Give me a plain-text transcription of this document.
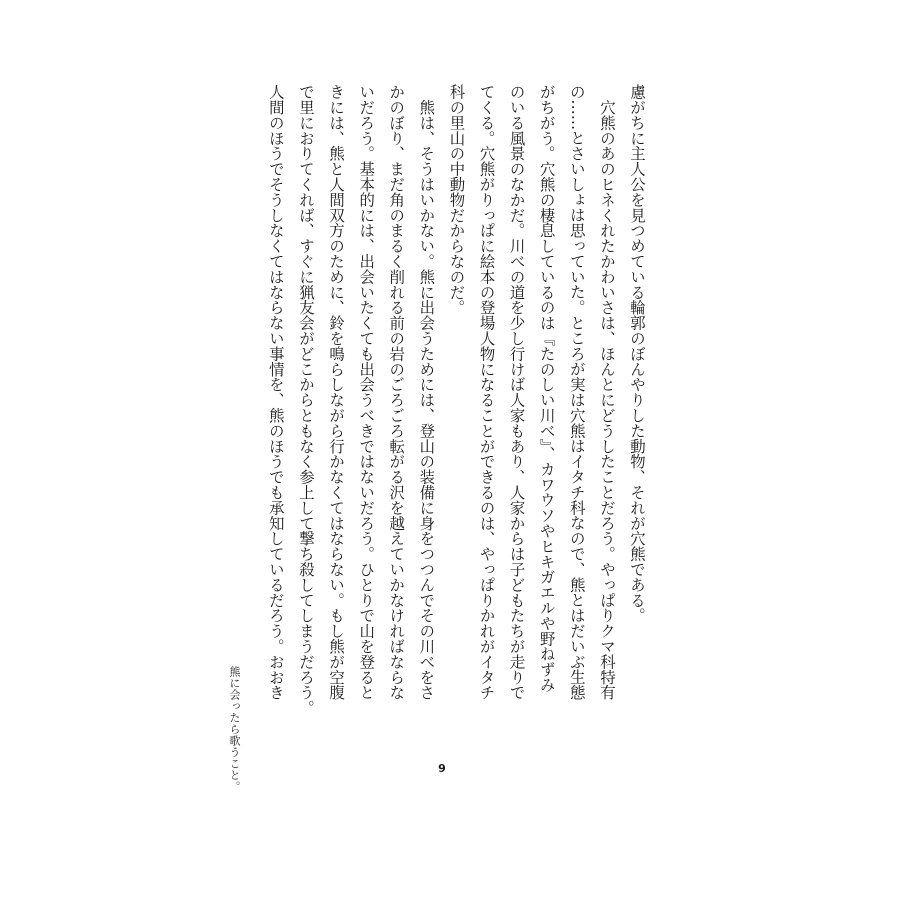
慮がちに主人公を見つめている輪郭のぼんやりした動物、それが穴熊である。
　穴熊のあのヒネくれたかわいさは、ほんとにどうしたことだろう。やっぱりクマ科特有
の……とさいしょは思っていた。ところが実は穴熊はイタチ科なので、熊とはだいぶ生態
がちがう。穴熊の棲息しているのは『たのしい川べ』、カワウソやヒキガエルや野ねずみ
のいる風景のなかだ。川べの道を少し行けば人家もあり、人家からは子どもたちが走りで
てくる。穴熊がりっぱに絵本の登場人物になることができるのは、やっぱりかれがイタチ
科の里山の中動物だからなのだ。
　熊は、そうはいかない。熊に出会うためには、登山の装備に身をつつんでその川べをさ
かのぼり、まだ角のまるく削れる前の岩のごろごろ転がる沢を越えていかなければならな
いだろう。基本的には、出会いたくても出会うべきではないだろう。ひとりで山を登ると
きには、熊と人間双方のために、鈴を鳴らしながら行かなくてはならない。もし熊が空腹
で里におりてくれば、すぐに猟友会がどこからともなく参上して撃ち殺してしまうだろう。
人間のほうでそうしなくてはならない事情を、熊のほうでも承知しているだろう。おおき
9
熊に会ったら歌うこと。
